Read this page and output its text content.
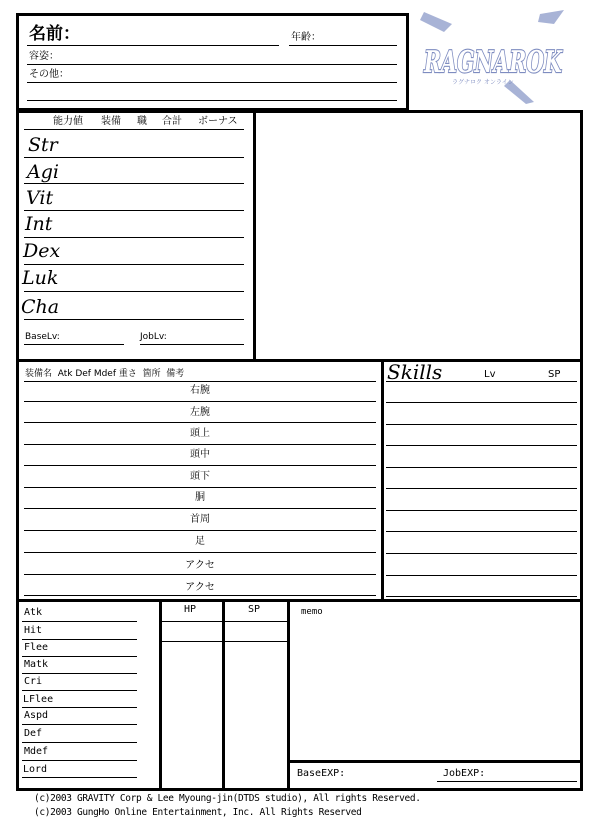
名前：	年齢：
容姿：
その他：	RAGNAROK
ラグナロク オンライン
能力値 装備 職 合計 ボーナス
Str
Agi
Vit
Int
Dex
Luk
Cha
BaseLv:	JobLv:
装備名  Atk Def Mdef 重さ  箇所  備考
右腕
左腕
頭上
頭中
頭下
胴
首周
足
アクセ
アクセ
Skills	Lv	SP
Atk
Hit
Flee
Matk
Cri
LFlee
Aspd
Def
Mdef
Lord
HP	SP	memo
BaseEXP:	JobEXP:
(c)2003 GRAVITY Corp & Lee Myoung-jin(DTDS studio), All rights Reserved.
(c)2003 GungHo Online Entertainment, Inc. All Rights Reserved
